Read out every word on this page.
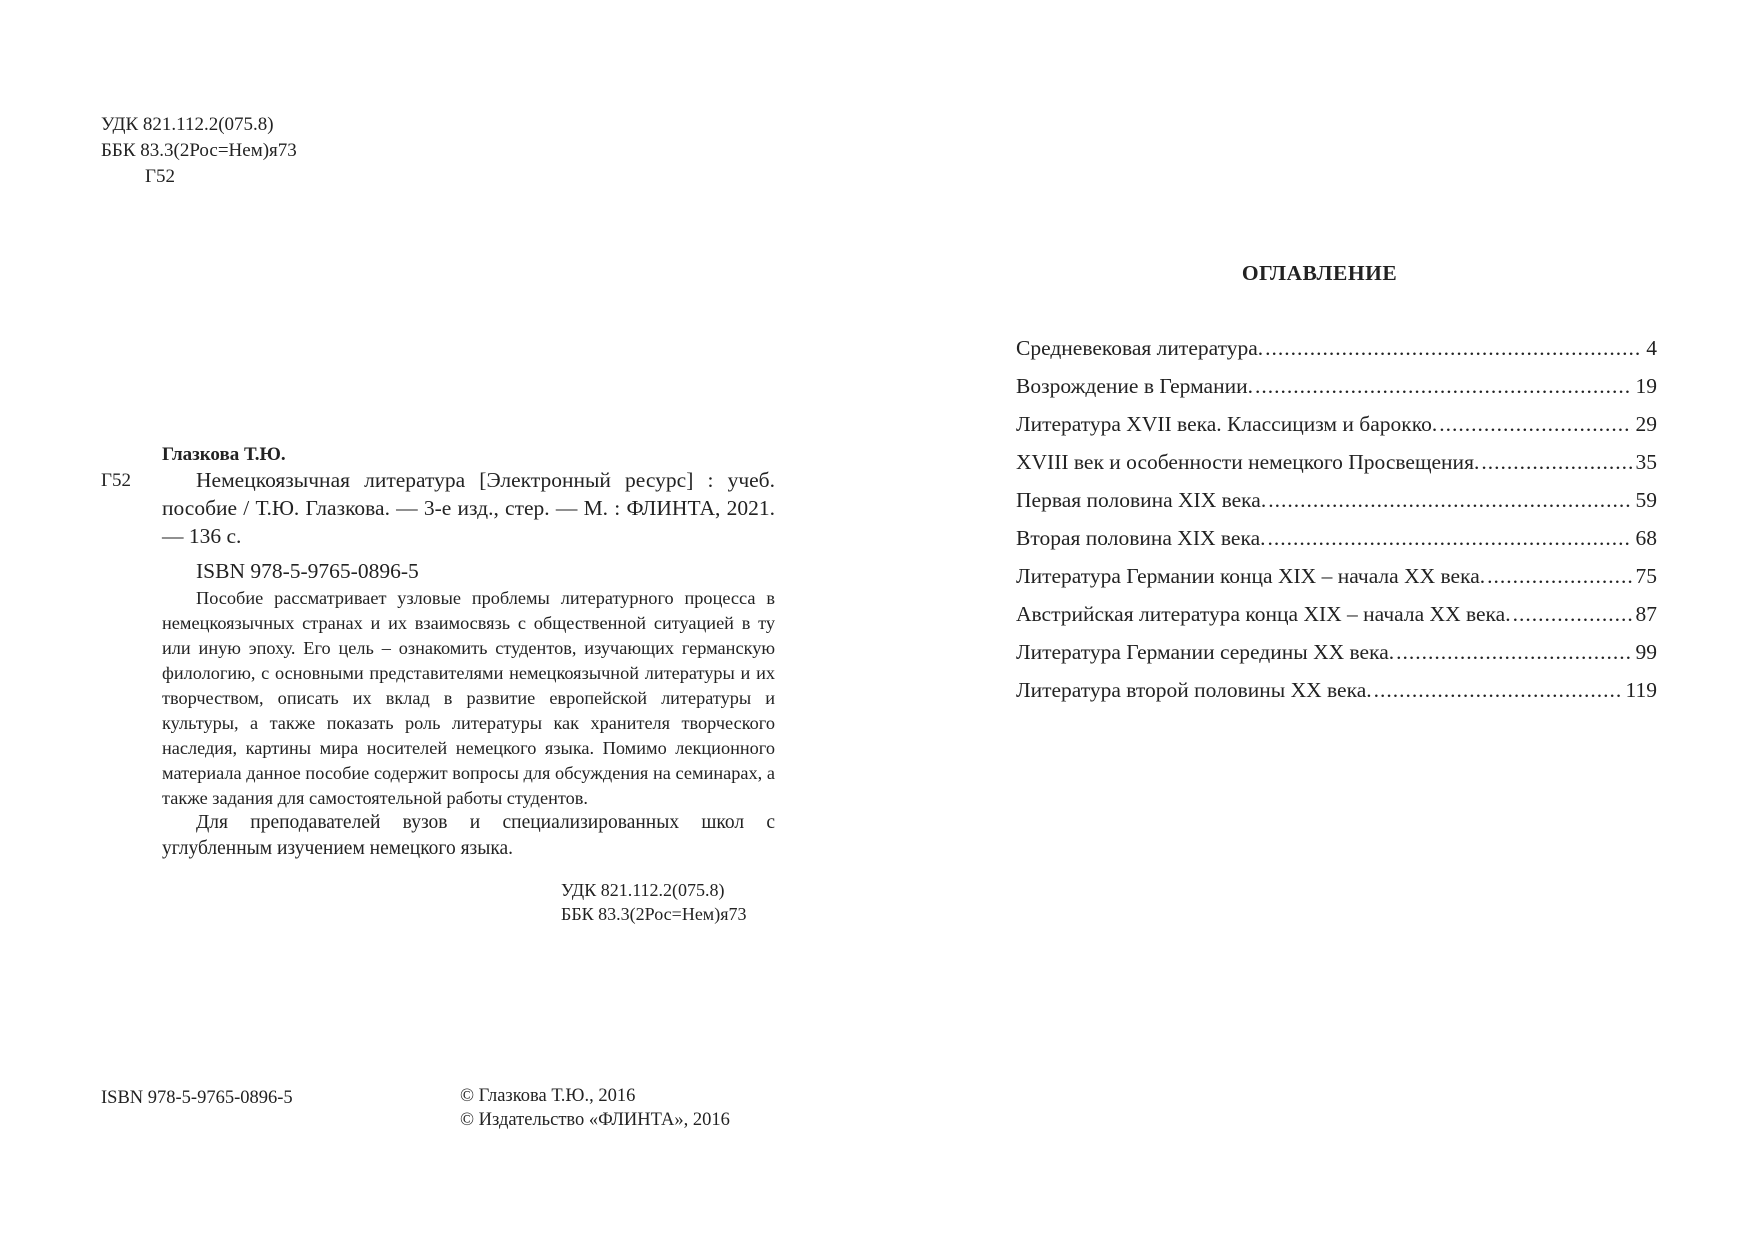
УДК 821.112.2(075.8)
ББК 83.3(2Рос=Нем)я73
Г52
Глазкова Т.Ю.
Г52	Немецкоязычная литература [Электронный ресурс] : учеб. пособие / Т.Ю. Глазкова. — 3-е изд., стер. — М. : ФЛИНТА, 2021. — 136 с.
ISBN 978-5-9765-0896-5

Пособие рассматривает узловые проблемы литературного процесса в немецкоязычных странах и их взаимосвязь с общественной ситуацией в ту или иную эпоху. Его цель – ознакомить студентов, изучающих германскую филологию, с основными представителями немецкоязычной литературы и их творчеством, описать их вклад в развитие европейской литературы и культуры, а также показать роль литературы как хранителя творческого наследия, картины мира носителей немецкого языка. Помимо лекционного материала данное пособие содержит вопросы для обсуждения на семинарах, а также задания для самостоятельной работы студентов.

Для преподавателей вузов и специализированных школ с углубленным изучением немецкого языка.

УДК 821.112.2(075.8)
ББК 83.3(2Рос=Нем)я73
ISBN 978-5-9765-0896-5	© Глазкова Т.Ю., 2016
© Издательство «ФЛИНТА», 2016
ОГЛАВЛЕНИЕ
Средневековая литература. .....	4
Возрождение в Германии. .....	19
Литература XVII века. Классицизм и барокко. .....	29
XVIII век и особенности немецкого Просвещения. .....	35
Первая половина XIX века. .....	59
Вторая половина XIX века. .....	68
Литература Германии конца XIX – начала XX века. .....	75
Австрийская литература конца XIX – начала XX века. .....	87
Литература Германии середины XX века. .....	99
Литература второй половины XX века. .....	119
